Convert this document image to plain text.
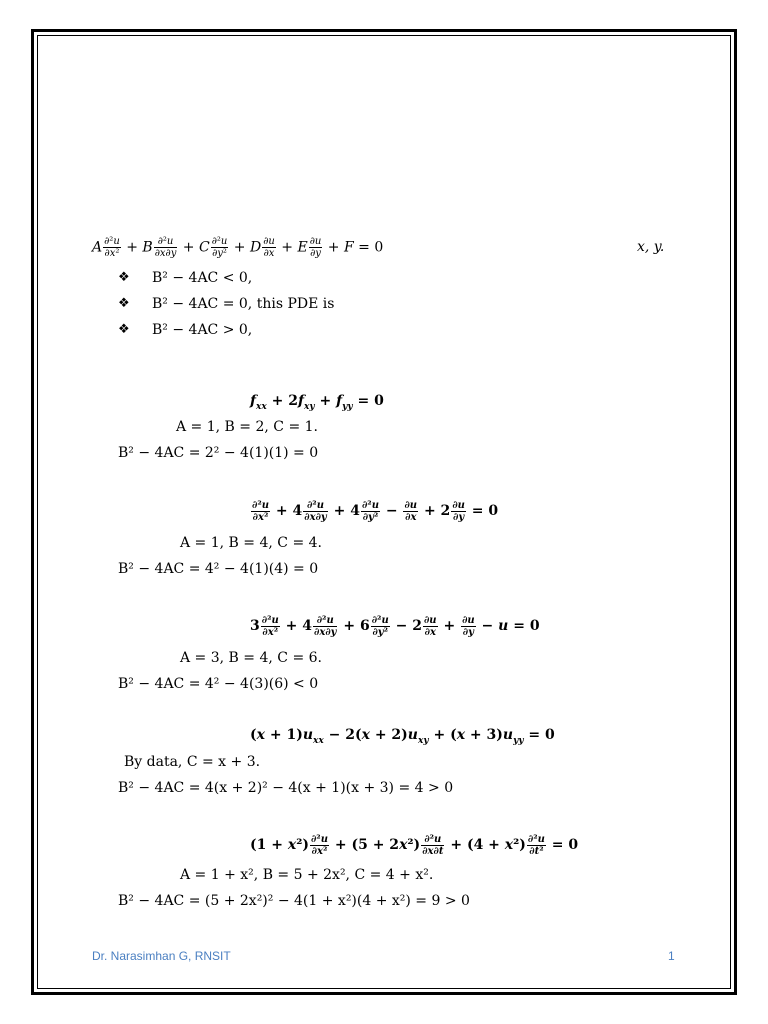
A $\frac{\text{∂²u}}{\text{∂x²}} + B \frac{\text{∂²u}}{\partial x\partial y} + C \frac{\text{∂²u}}{\text{∂y²}} + D \frac{\partial u}{\partial x} + E \frac{\partial u}{\partial y} + F = 0$	x, y.
❖ B² − 4AC < 0,
❖ B² − 4AC = 0, this PDE is
❖ B² − 4AC > 0,
$f_{xx} + 2f_{xy} + f_{yy} = 0$
A = 1, B = 2, C = 1.
B² − 4AC = 2² − 4(1)(1) = 0
$\frac{\text{∂²u}}{\text{∂x²}} + 4 \frac{\text{∂²u}}{\partial x\partial y} + 4 \frac{\text{∂²u}}{\text{∂y²}} - \frac{\partial u}{\partial x} + 2 \frac{\partial u}{\partial y} = 0$
A = 1, B = 4, C = 4.
B² − 4AC = 4² − 4(1)(4) = 0
$3 \frac{\text{∂²u}}{\text{∂x²}} + 4 \frac{\text{∂²u}}{\partial x\partial y} + 6 \frac{\text{∂²u}}{\text{∂y²}} - 2 \frac{\partial u}{\partial x} + \frac{\partial u}{\partial y} - u = 0$
A = 3, B = 4, C = 6.
B² − 4AC = 4² − 4(3)(6) < 0
$(x + 1)u_{xx} - 2(x + 2)u_{xy} + (x + 3)u_{yy} = 0$
By data, C = x + 3.
B² − 4AC = 4(x + 2)² − 4(x + 1)(x + 3) = 4 > 0
$(1 + x^2) \frac{\text{∂²u}}{\text{∂x²}} + (5 + 2x^2) \frac{\text{∂²u}}{\partial x\partial t} + (4 + x^2) \frac{\text{∂²u}}{\text{∂t²}} = 0$
A = 1 + x², B = 5 + 2x², C = 4 + x².
B² − 4AC = (5 + 2x²)² − 4(1 + x²)(4 + x²) = 9 > 0
Dr. Narasimhan G, RNSIT	1
